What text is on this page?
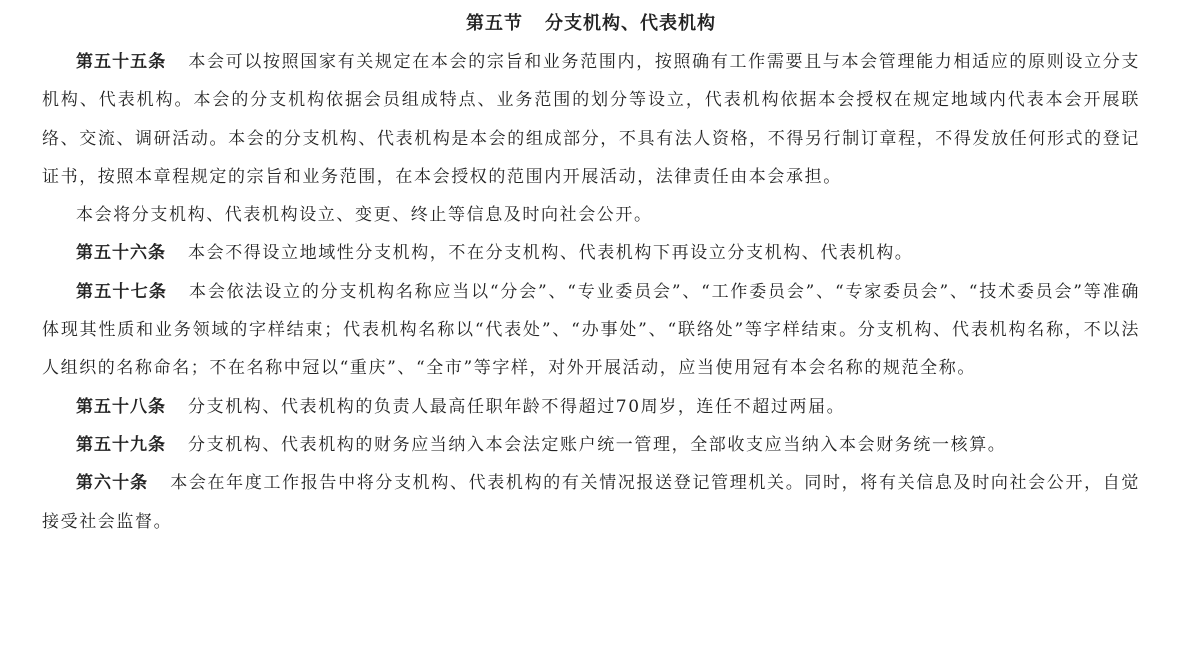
第五节 分支机构、代表机构

第五十五条 本会可以按照国家有关规定在本会的宗旨和业务范围内，按照确有工作需要且与本会管理能力相适应的原则设立分支机构、代表机构。本会的分支机构依据会员组成特点、业务范围的划分等设立，代表机构依据本会授权在规定地域内代表本会开展联络、交流、调研活动。本会的分支机构、代表机构是本会的组成部分，不具有法人资格，不得另行制订章程，不得发放任何形式的登记证书，按照本章程规定的宗旨和业务范围，在本会授权的范围内开展活动，法律责任由本会承担。

本会将分支机构、代表机构设立、变更、终止等信息及时向社会公开。

第五十六条 本会不得设立地域性分支机构，不在分支机构、代表机构下再设立分支机构、代表机构。

第五十七条 本会依法设立的分支机构名称应当以“分会”、“专业委员会”、“工作委员会”、“专家委员会”、“技术委员会”等准确体现其性质和业务领域的字样结束；代表机构名称以“代表处”、“办事处”、“联络处”等字样结束。分支机构、代表机构名称，不以法人组织的名称命名；不在名称中冠以“重庆”、“全市”等字样，对外开展活动，应当使用冠有本会名称的规范全称。

第五十八条 分支机构、代表机构的负责人最高任职年龄不得超过70周岁，连任不超过两届。

第五十九条 分支机构、代表机构的财务应当纳入本会法定账户统一管理，全部收支应当纳入本会财务统一核算。

第六十条 本会在年度工作报告中将分支机构、代表机构的有关情况报送登记管理机关。同时，将有关信息及时向社会公开，自觉接受社会监督。
